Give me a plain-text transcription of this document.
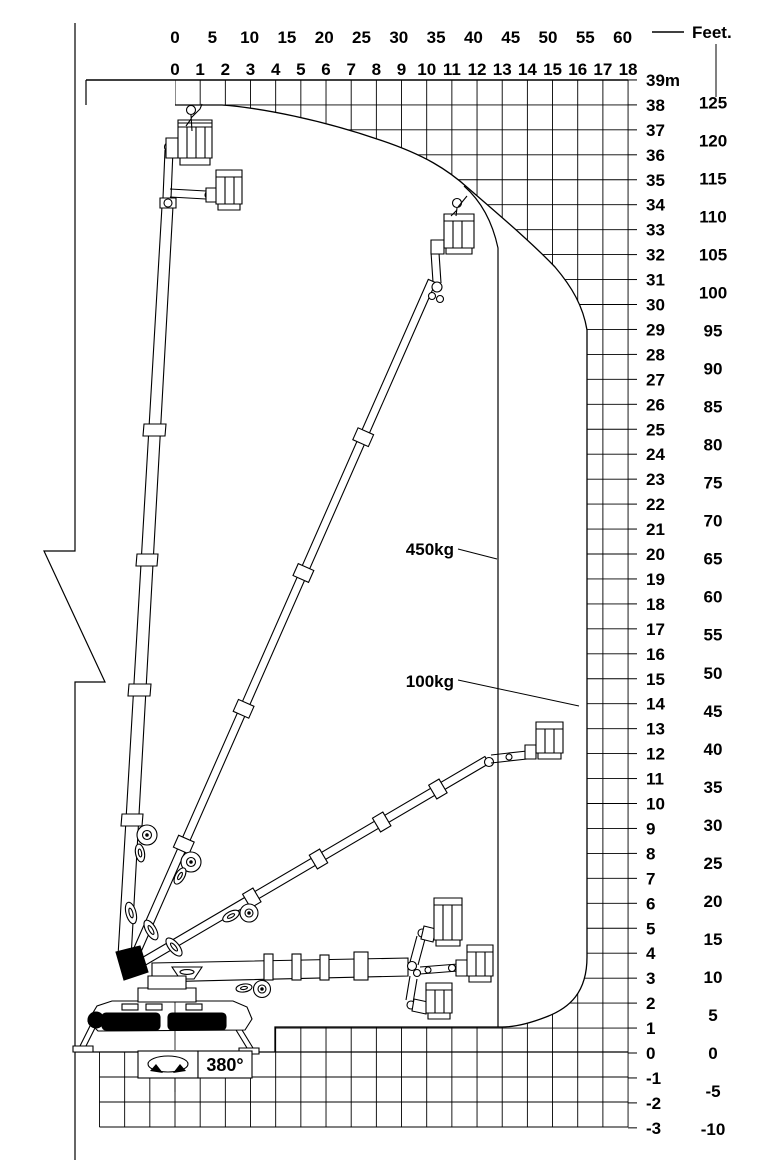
380°
450kg
100kg
0 5 10 15 20 25 30 35 40 45 50 55 60
0 1 2 3 4 5 6 7 8 9 10 11 12 13 14 15 16 17 18
39m
38
37
36
35
34
33
32
31
30
29
28
27
26
25
24
23
22
21
20
19
18
17
16
15
14
13
12
11
10
9
8
7
6
5
4
3
2
1
0
-1
-2
-3
125
120
115
110
105
100
95
90
85
80
75
70
65
60
55
50
45
40
35
30
25
20
15
10
5
0
-5
-10
Feet.
